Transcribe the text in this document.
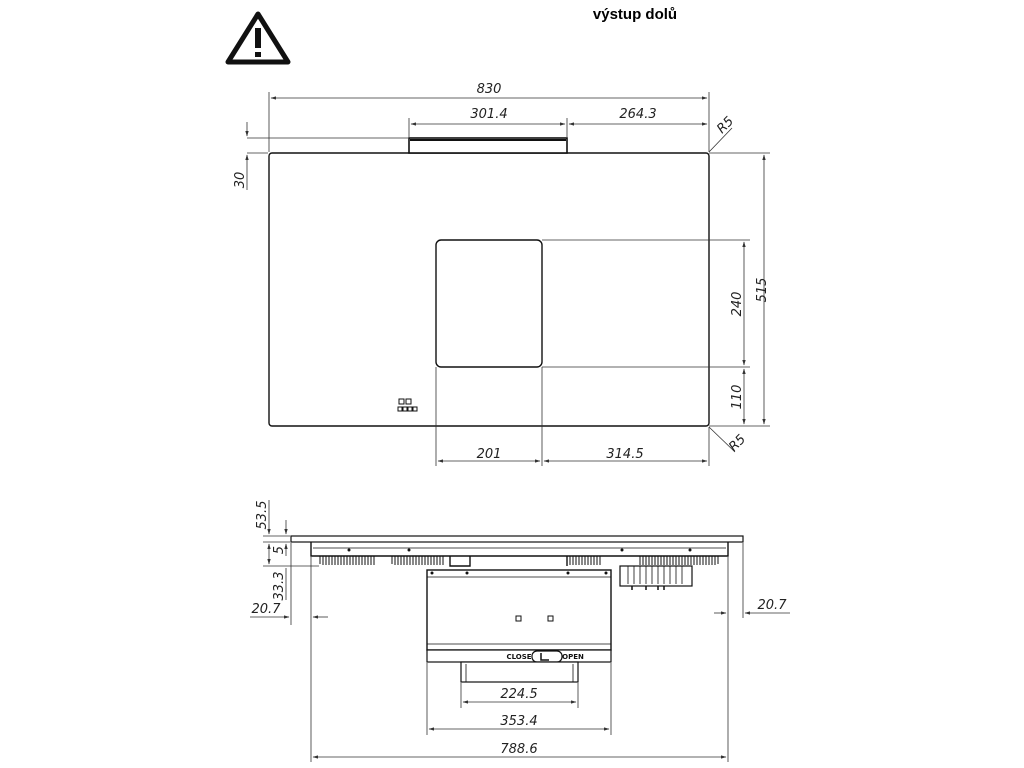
výstup dolů
830
301.4	264.3	R5
30
515
240
110
201	314.5	R5
CLOSE	OPEN
53.5
5
33.3
20.7	20.7
224.5
353.4
788.6
